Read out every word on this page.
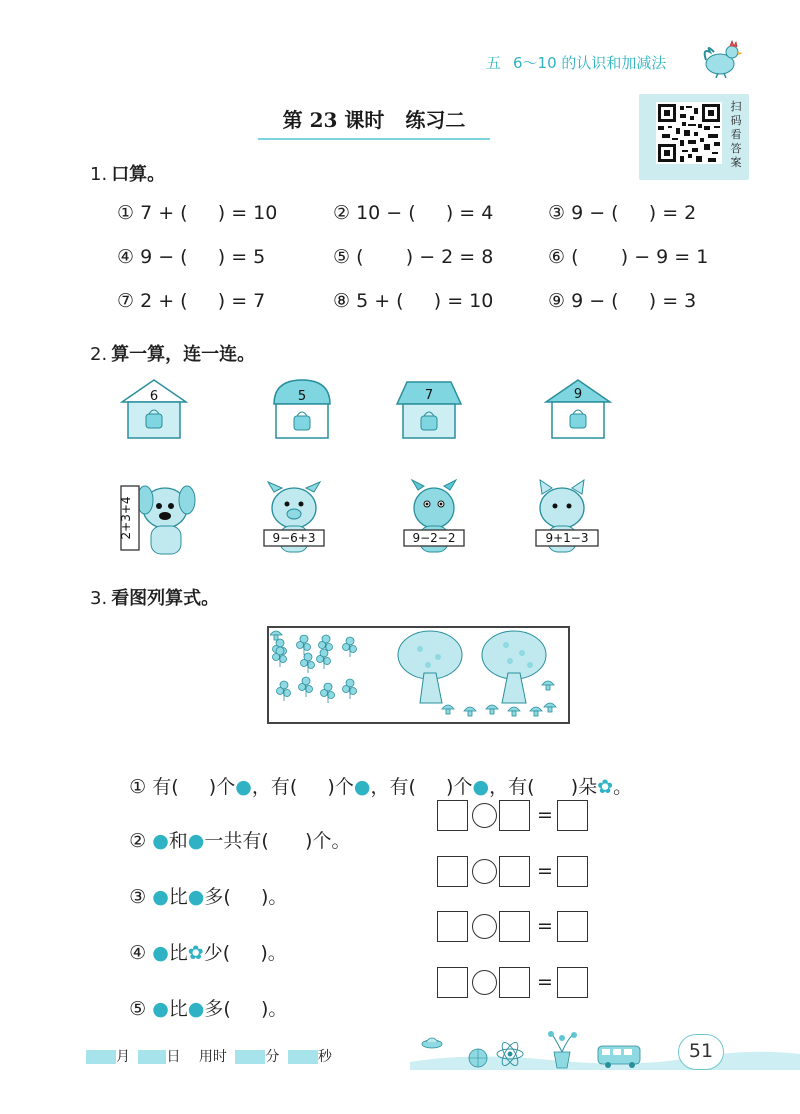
五 6～10 的认识和加减法
第 23 课时 练习二
扫
码
看
答
案
1. 口算。
① 7 + (     ) = 10	② 10 − (     ) = 4	③ 9 − (     ) = 2
④ 9 − (     ) = 5	⑤ (       ) − 2 = 8	⑥ (       ) − 9 = 1
⑦ 2 + (     ) = 7	⑧ 5 + (     ) = 10	⑨ 9 − (     ) = 3
2. 算一算，连一连。
6	5	7	9
2+3+4	9−6+3	9−2−2	9+1−3
3. 看图列算式。

① 有(     )个●，有(     )个●，有(     )个●，有(      )朵✿。

② ●和●一共有(      )个。

=

③ ●比●多(     )。

=

④ ●比✿少(     )。

=

⑤ ●比●多(     )。

=
月	日 用时	分	秒	51
